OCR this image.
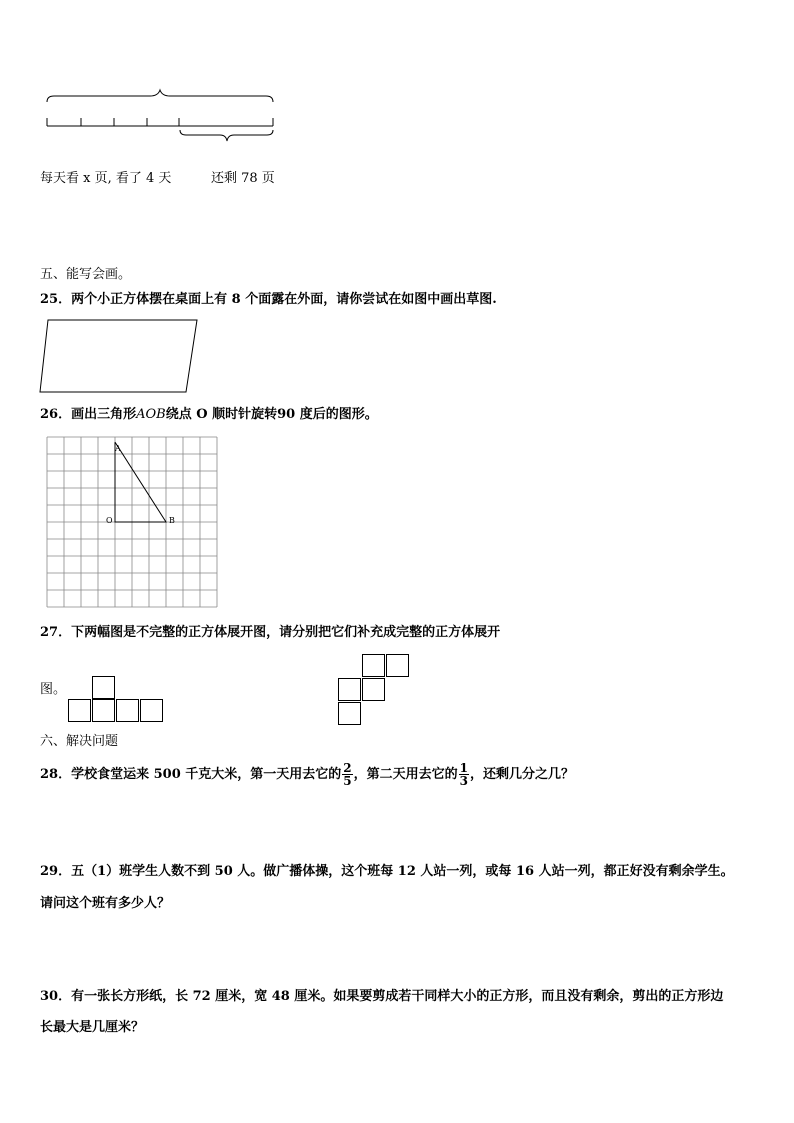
每天看 x 页, 看了 4 天	还剩 78 页
五、能写会画。
25．两个小正方体摆在桌面上有 8 个面露在外面，请你尝试在如图中画出草图.
26．画出三角形AOB绕点 O 顺时针旋转90 度后的图形。
A
O	B
27．下两幅图是不完整的正方体展开图，请分别把它们补充成完整的正方体展开
图。
六、解决问题
28．学校食堂运来 500 千克大米，第一天用去它的 $\frac{2}{5}$ ，第二天用去它的 $\frac{1}{3}$ ，还剩几分之几？
29．五（1）班学生人数不到 50 人。做广播体操，这个班每 12 人站一列，或每 16 人站一列，都正好没有剩余学生。
请问这个班有多少人？
30．有一张长方形纸，长 72 厘米，宽 48 厘米。如果要剪成若干同样大小的正方形，而且没有剩余，剪出的正方形边
长最大是几厘米？
